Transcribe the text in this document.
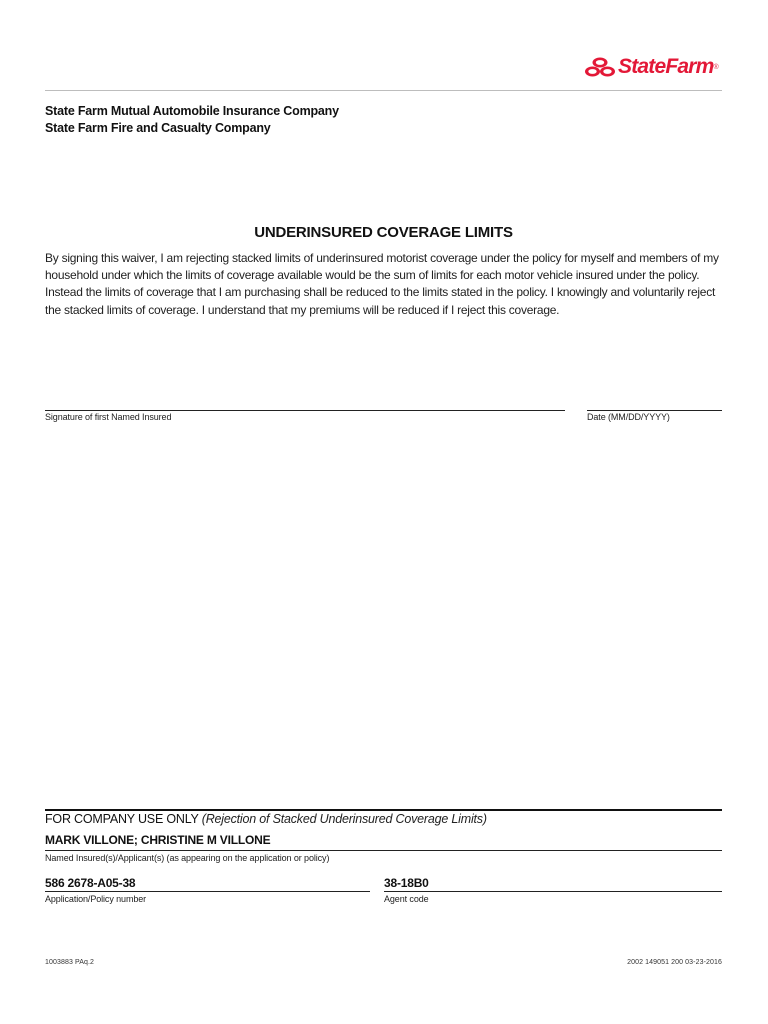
StateFarm ®
State Farm Mutual Automobile Insurance Company
State Farm Fire and Casualty Company
UNDERINSURED COVERAGE LIMITS
By signing this waiver, I am rejecting stacked limits of underinsured motorist coverage under the policy for myself and members of my
household under which the limits of coverage available would be the sum of limits for each motor vehicle insured under the policy.
Instead the limits of coverage that I am purchasing shall be reduced to the limits stated in the policy. I knowingly and voluntarily reject
the stacked limits of coverage. I understand that my premiums will be reduced if I reject this coverage.
Signature of first Named Insured	Date (MM/DD/YYYY)
FOR COMPANY USE ONLY (Rejection of Stacked Underinsured Coverage Limits)
MARK VILLONE; CHRISTINE M VILLONE
Named Insured(s)/Applicant(s) (as appearing on the application or policy)
586 2678-A05-38
Application/Policy number
38-18B0
Agent code
1003883 PAq.2	2002 149051 200 03-23-2016
